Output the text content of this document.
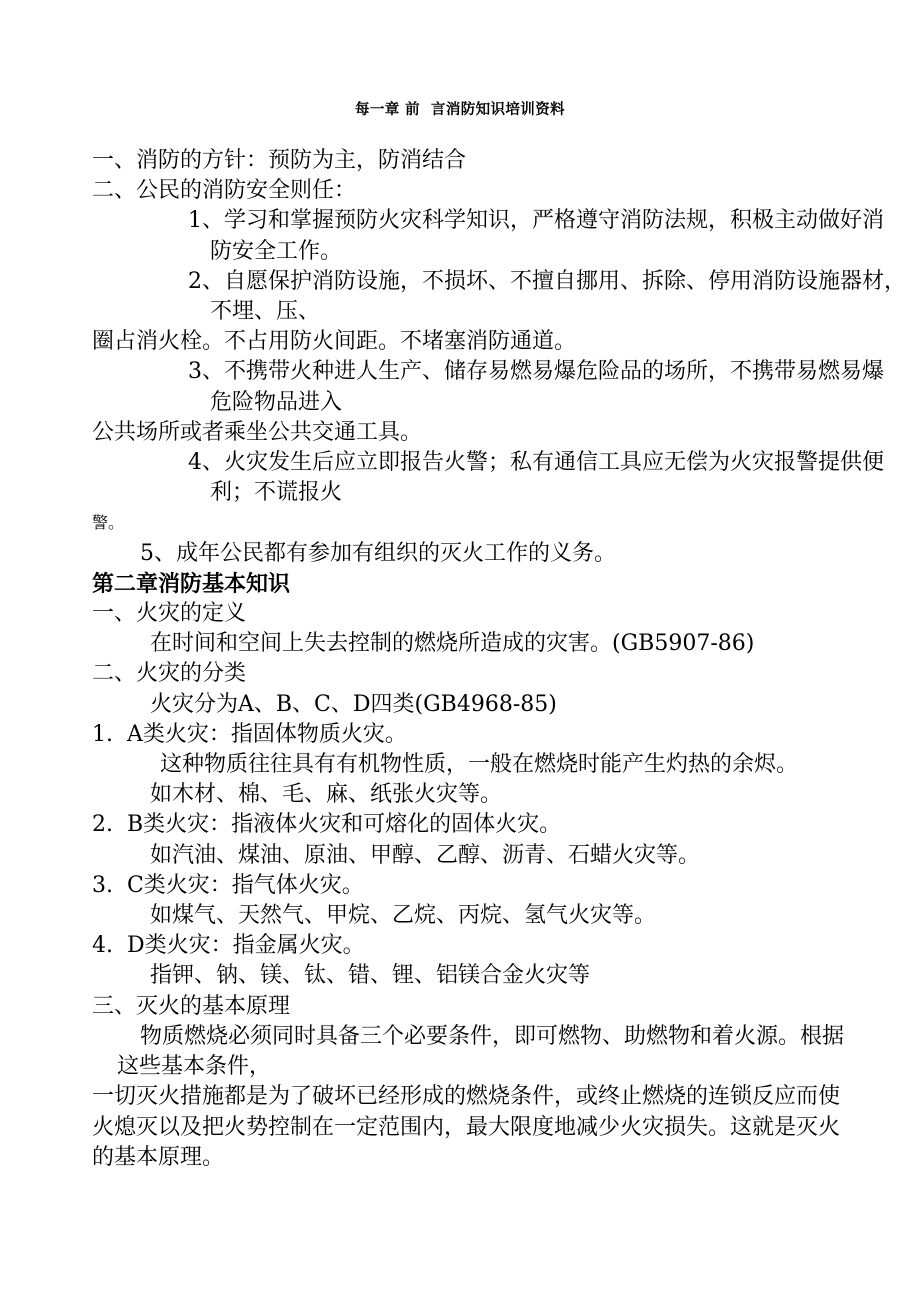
每一章 前  言消防知识培训资料
一、消防的方针：预防为主，防消结合
二、公民的消防安全则任：
1、学习和掌握预防火灾科学知识，严格遵守消防法规，积极主动做好消
防安全工作。
2、自愿保护消防设施，不损坏、不擅自挪用、拆除、停用消防设施器材，
不埋、压、
圈占消火栓。不占用防火间距。不堵塞消防通道。
3、不携带火种进人生产、储存易燃易爆危险品的场所，不携带易燃易爆
危险物品进入
公共场所或者乘坐公共交通工具。
4、火灾发生后应立即报告火警；私有通信工具应无偿为火灾报警提供便
利；不谎报火
警。
5、成年公民都有参加有组织的灭火工作的义务。
第二章消防基本知识
一、火灾的定义
在时间和空间上失去控制的燃烧所造成的灾害。(GB5907-86)
二、火灾的分类
火灾分为A、B、C、D四类(GB4968-85)
1.  A类火灾：指固体物质火灾。
这种物质往往具有有机物性质，一般在燃烧时能产生灼热的余烬。
如木材、棉、毛、麻、纸张火灾等。
2.  B类火灾：指液体火灾和可熔化的固体火灾。
如汽油、煤油、原油、甲醇、乙醇、沥青、石蜡火灾等。
3.  C类火灾：指气体火灾。
如煤气、天然气、甲烷、乙烷、丙烷、氢气火灾等。
4.  D类火灾：指金属火灾。
指钾、钠、镁、钛、错、锂、铝镁合金火灾等
三、灭火的基本原理
物质燃烧必须同时具备三个必要条件，即可燃物、助燃物和着火源。根据
这些基本条件，
一切灭火措施都是为了破坏已经形成的燃烧条件，或终止燃烧的连锁反应而使
火熄灭以及把火势控制在一定范围内，最大限度地减少火灾损失。这就是灭火
的基本原理。
